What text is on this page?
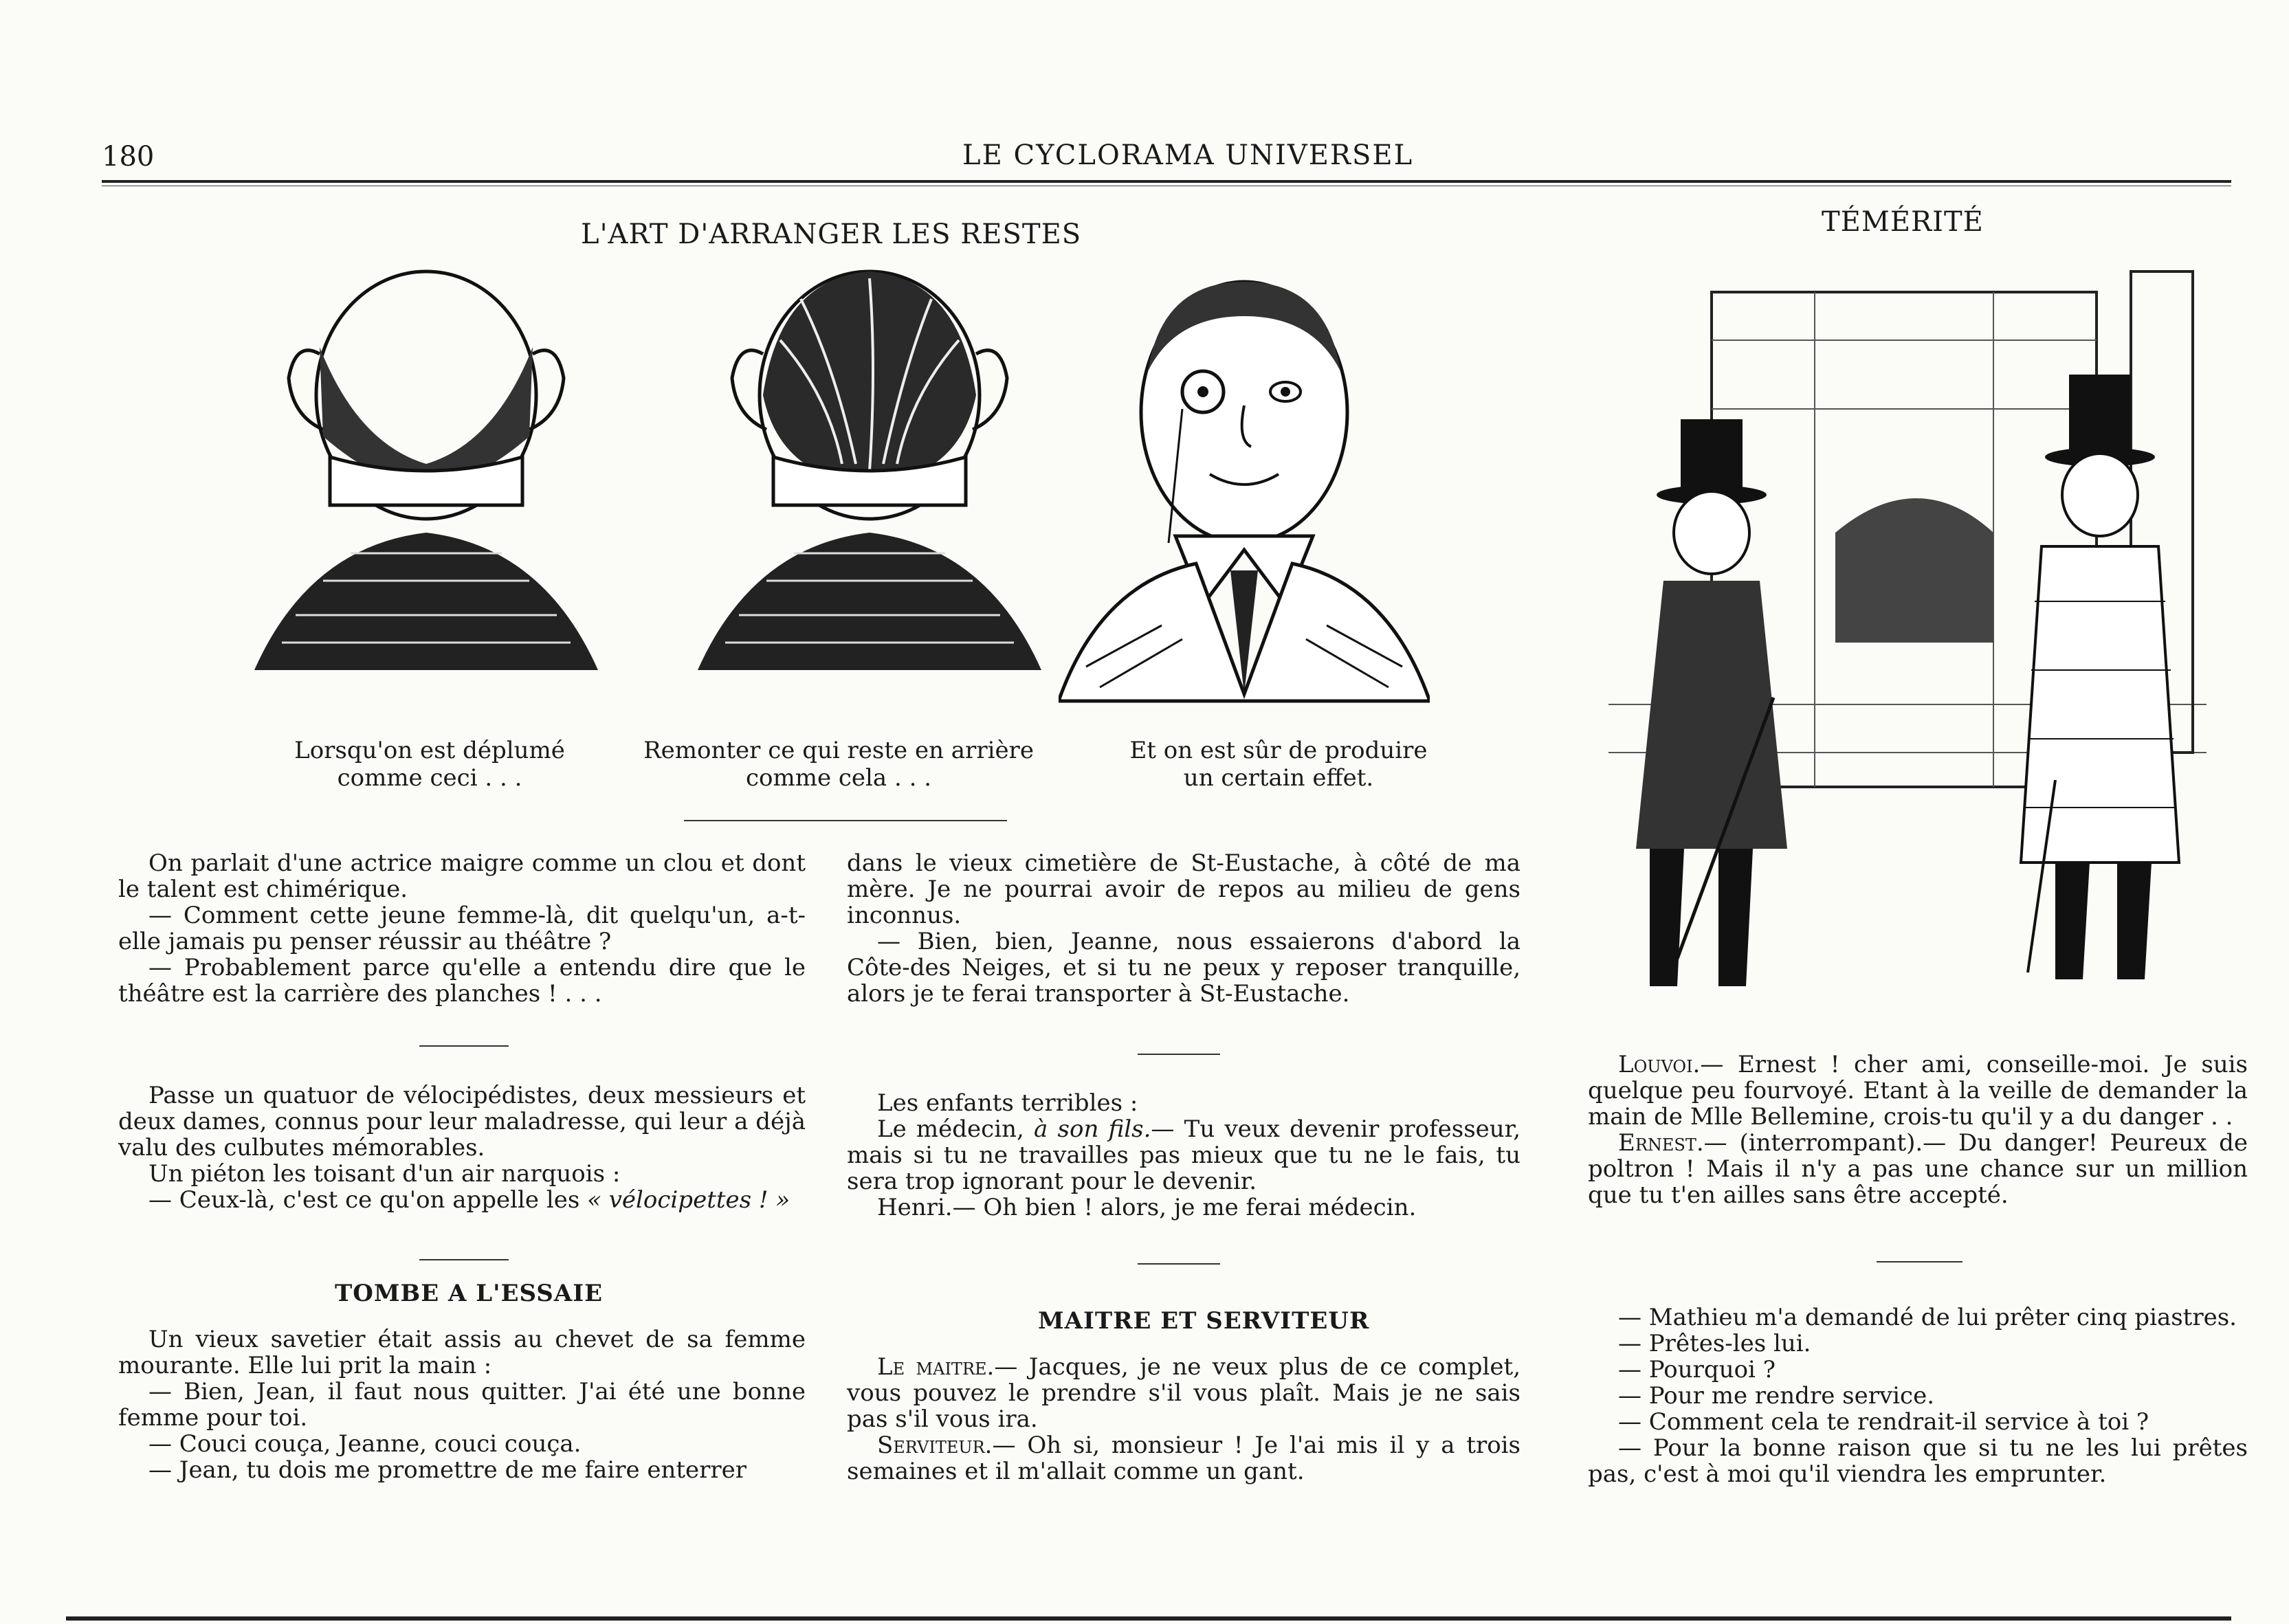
180	LE CYCLORAMA UNIVERSEL
L'ART D'ARRANGER LES RESTES
Lorsqu'on est déplumé
comme ceci . . .
Remonter ce qui reste en arrière
comme cela . . .
Et on est sûr de produire
un certain effet.

On parlait d'une actrice maigre comme un clou et dont le talent est chimérique.

— Comment cette jeune femme-là, dit quelqu'un, a-t-elle jamais pu penser réussir au théâtre ?

— Probablement parce qu'elle a entendu dire que le théâtre est la carrière des planches ! . . .

Passe un quatuor de vélocipédistes, deux messieurs et deux dames, connus pour leur maladresse, qui leur a déjà valu des culbutes mémorables.

Un piéton les toisant d'un air narquois :

— Ceux-là, c'est ce qu'on appelle les « vélocipettes ! »

TOMBE A L'ESSAIE

Un vieux savetier était assis au chevet de sa femme mourante. Elle lui prit la main :

— Bien, Jean, il faut nous quitter. J'ai été une bonne femme pour toi.

— Couci couça, Jeanne, couci couça.

— Jean, tu dois me promettre de me faire enterrer

dans le vieux cimetière de St-Eustache, à côté de ma mère. Je ne pourrai avoir de repos au milieu de gens inconnus.

— Bien, bien, Jeanne, nous essaierons d'abord la Côte-des Neiges, et si tu ne peux y reposer tranquille, alors je te ferai transporter à St-Eustache.

Les enfants terribles :

Le médecin, à son fils.— Tu veux devenir professeur, mais si tu ne travailles pas mieux que tu ne le fais, tu sera trop ignorant pour le devenir.

Henri.— Oh bien ! alors, je me ferai médecin.

MAITRE ET SERVITEUR

Le maitre.— Jacques, je ne veux plus de ce complet, vous pouvez le prendre s'il vous plaît. Mais je ne sais pas s'il vous ira.

Serviteur.— Oh si, monsieur ! Je l'ai mis il y a trois semaines et il m'allait comme un gant.

TÉMÉRITÉ

Louvoi.— Ernest ! cher ami, conseille-moi. Je suis quelque peu fourvoyé. Etant à la veille de demander la main de Mlle Bellemine, crois-tu qu'il y a du danger . .

Ernest.— (interrompant).— Du danger! Peureux de poltron ! Mais il n'y a pas une chance sur un million que tu t'en ailles sans être accepté.

— Mathieu m'a demandé de lui prêter cinq piastres.

— Prêtes-les lui.

— Pourquoi ?

— Pour me rendre service.

— Comment cela te rendrait-il service à toi ?

— Pour la bonne raison que si tu ne les lui prêtes pas, c'est à moi qu'il viendra les emprunter.
